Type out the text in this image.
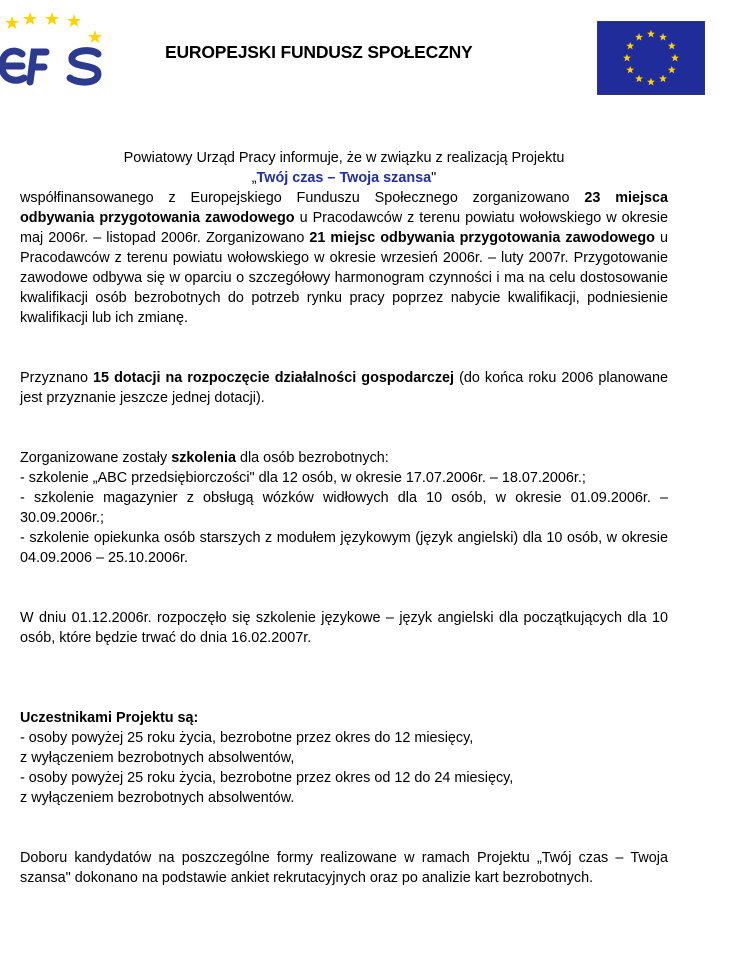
EUROPEJSKI FUNDUSZ SPOŁECZNY

Powiatowy Urząd Pracy informuje, że w związku z realizacją Projektu
„Twój czas – Twoja szansa"

współfinansowanego z Europejskiego Funduszu Społecznego zorganizowano 23 miejsca odbywania przygotowania zawodowego u Pracodawców z terenu powiatu wołowskiego w okresie maj 2006r. – listopad 2006r. Zorganizowano 21 miejsc odbywania przygotowania zawodowego u Pracodawców z terenu powiatu wołowskiego w okresie wrzesień 2006r. – luty 2007r. Przygotowanie zawodowe odbywa się w oparciu o szczegółowy harmonogram czynności i ma na celu dostosowanie kwalifikacji osób bezrobotnych do potrzeb rynku pracy poprzez nabycie kwalifikacji, podniesienie kwalifikacji lub ich zmianę.

Przyznano 15 dotacji na rozpoczęcie działalności gospodarczej (do końca roku 2006 planowane jest przyznanie jeszcze jednej dotacji).

Zorganizowane zostały szkolenia dla osób bezrobotnych:

- szkolenie „ABC przedsiębiorczości" dla 12 osób, w okresie 17.07.2006r. – 18.07.2006r.;

- szkolenie magazynier z obsługą wózków widłowych dla 10 osób, w okresie 01.09.2006r. – 30.09.2006r.;

- szkolenie opiekunka osób starszych z modułem językowym (język angielski) dla 10 osób, w okresie 04.09.2006 – 25.10.2006r.

W dniu 01.12.2006r. rozpoczęło się szkolenie językowe – język angielski dla początkujących dla 10 osób, które będzie trwać do dnia 16.02.2007r.

Uczestnikami Projektu są:

- osoby powyżej 25 roku życia, bezrobotne przez okres do 12 miesięcy,
z wyłączeniem bezrobotnych absolwentów,

- osoby powyżej 25 roku życia, bezrobotne przez okres od 12 do 24 miesięcy,
z wyłączeniem bezrobotnych absolwentów.

Doboru kandydatów na poszczególne formy realizowane w ramach Projektu „Twój czas – Twoja szansa" dokonano na podstawie ankiet rekrutacyjnych oraz po analizie kart bezrobotnych.
